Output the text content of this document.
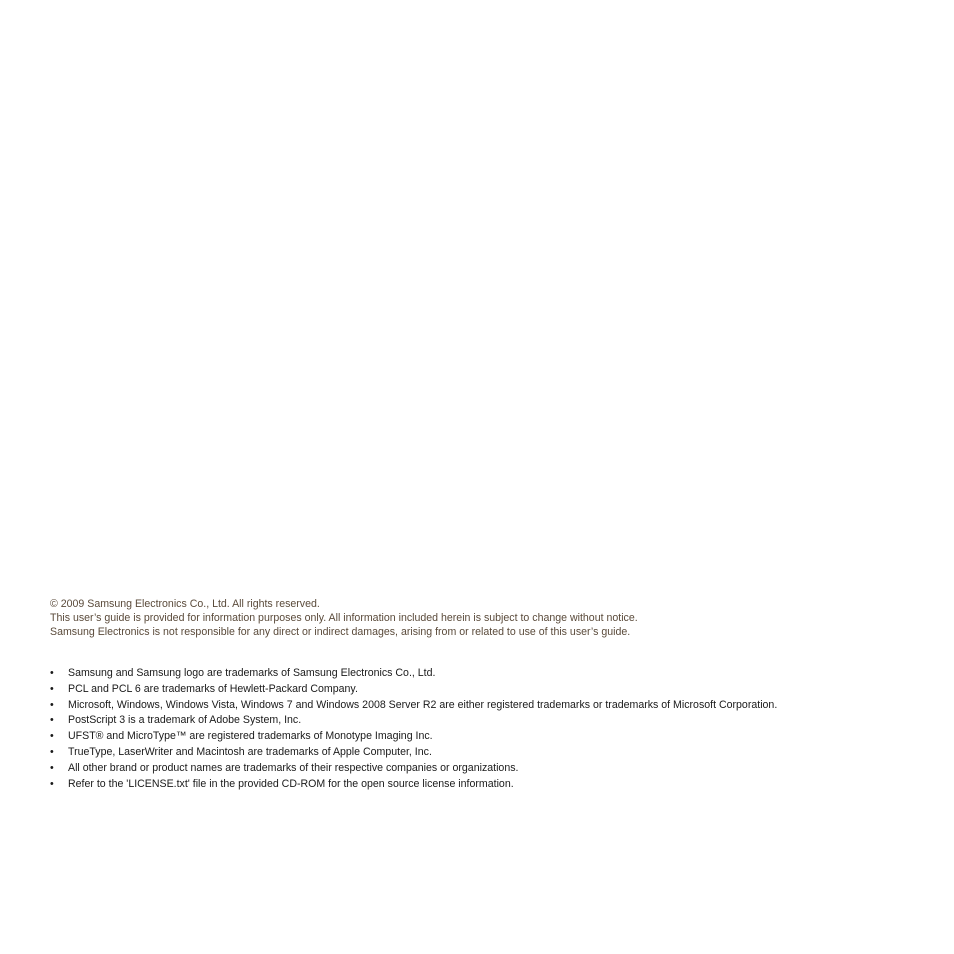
© 2009 Samsung Electronics Co., Ltd. All rights reserved.
This user’s guide is provided for information purposes only. All information included herein is subject to change without notice.
Samsung Electronics is not responsible for any direct or indirect damages, arising from or related to use of this user’s guide.
•	Samsung and Samsung logo are trademarks of Samsung Electronics Co., Ltd.
•	PCL and PCL 6 are trademarks of Hewlett-Packard Company.
•	Microsoft, Windows, Windows Vista, Windows 7 and Windows 2008 Server R2 are either registered trademarks or trademarks of Microsoft Corporation.
•	PostScript 3 is a trademark of Adobe System, Inc.
•	UFST® and MicroType™ are registered trademarks of Monotype Imaging Inc.
•	TrueType, LaserWriter and Macintosh are trademarks of Apple Computer, Inc.
•	All other brand or product names are trademarks of their respective companies or organizations.
•	Refer to the 'LICENSE.txt' file in the provided CD-ROM for the open source license information.
